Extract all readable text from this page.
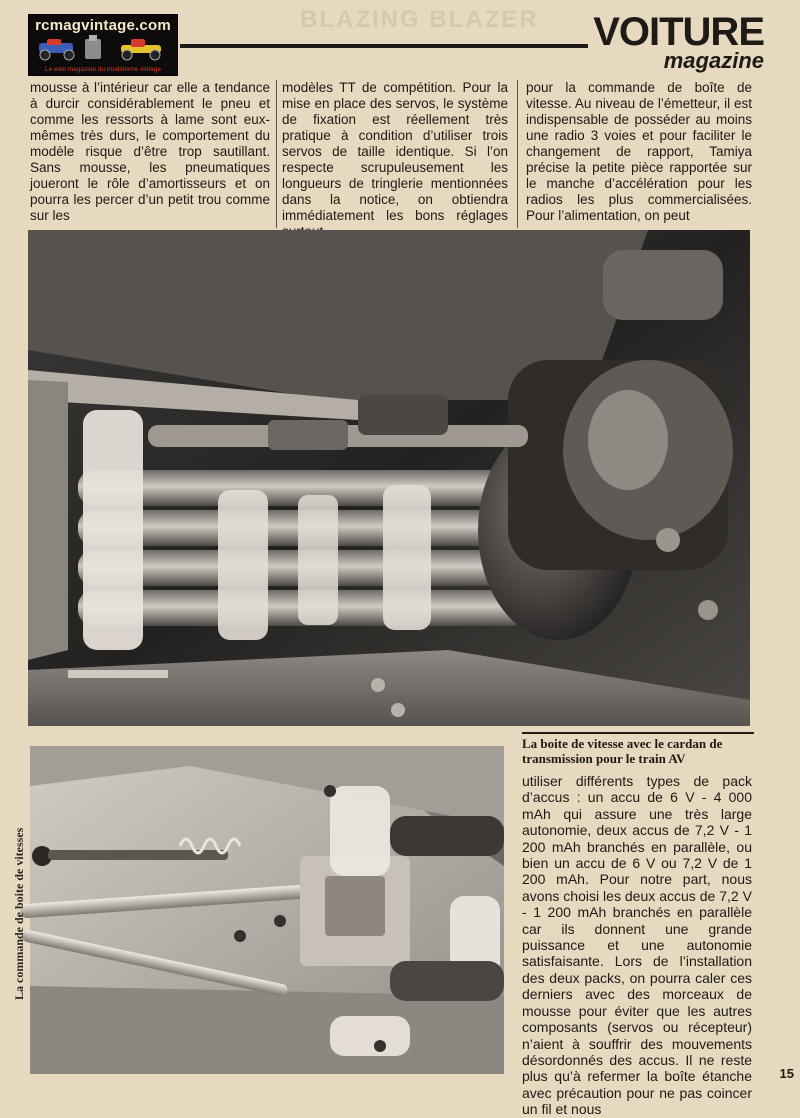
rcmagvintage.com
Le web magazine du modélisme vintage
BLAZING BLAZER VOITURE
magazine
mousse à l’intérieur car elle a tendance à durcir considérablement le pneu et comme les ressorts à lame sont eux-mêmes très durs, le comportement du modèle risque d’être trop sautillant. Sans mousse, les pneumatiques joueront le rôle d’amortisseurs et on pourra les percer d’un petit trou comme sur les
modèles TT de compétition. Pour la mise en place des servos, le système de fixation est réellement très pratique à condition d’utiliser trois servos de taille identique. Si l’on respecte scrupuleusement les longueurs de tringlerie mentionnées dans la notice, on obtiendra immédiatement les bons réglages
pour la commande de boîte de vitesse. Au niveau de l’émetteur, il est indispensable de posséder au moins une radio 3 voies et pour faciliter le changement de rapport, Tamiya précise la petite pièce rapportée sur le manche d’accélération pour les radios les plus commercialisées. Pour l’alimentation, on peut
La boite de vitesse avec le cardan de transmission pour le train AV
La commande de boite de vitesses
utiliser différents types de pack d’accus : un accu de 6 V - 4 000 mAh qui assure une très large autonomie, deux accus de 7,2 V - 1 200 mAh branchés en parallèle, ou bien un accu de 6 V ou 7,2 V de 1 200 mAh. Pour notre part, nous avons choisi les deux accus de 7,2 V - 1 200 mAh branchés en parallèle car ils donnent une grande puissance et une autonomie satisfaisante. Lors de l’installation des deux packs, on pourra caler ces derniers avec des morceaux de mousse pour éviter que les autres composants (servos ou récepteur) n’aient à souffrir des mouvements désordonnés des accus. Il ne reste plus qu’à refermer la boîte étanche avec précaution pour ne pas coincer un fil et nous
15
